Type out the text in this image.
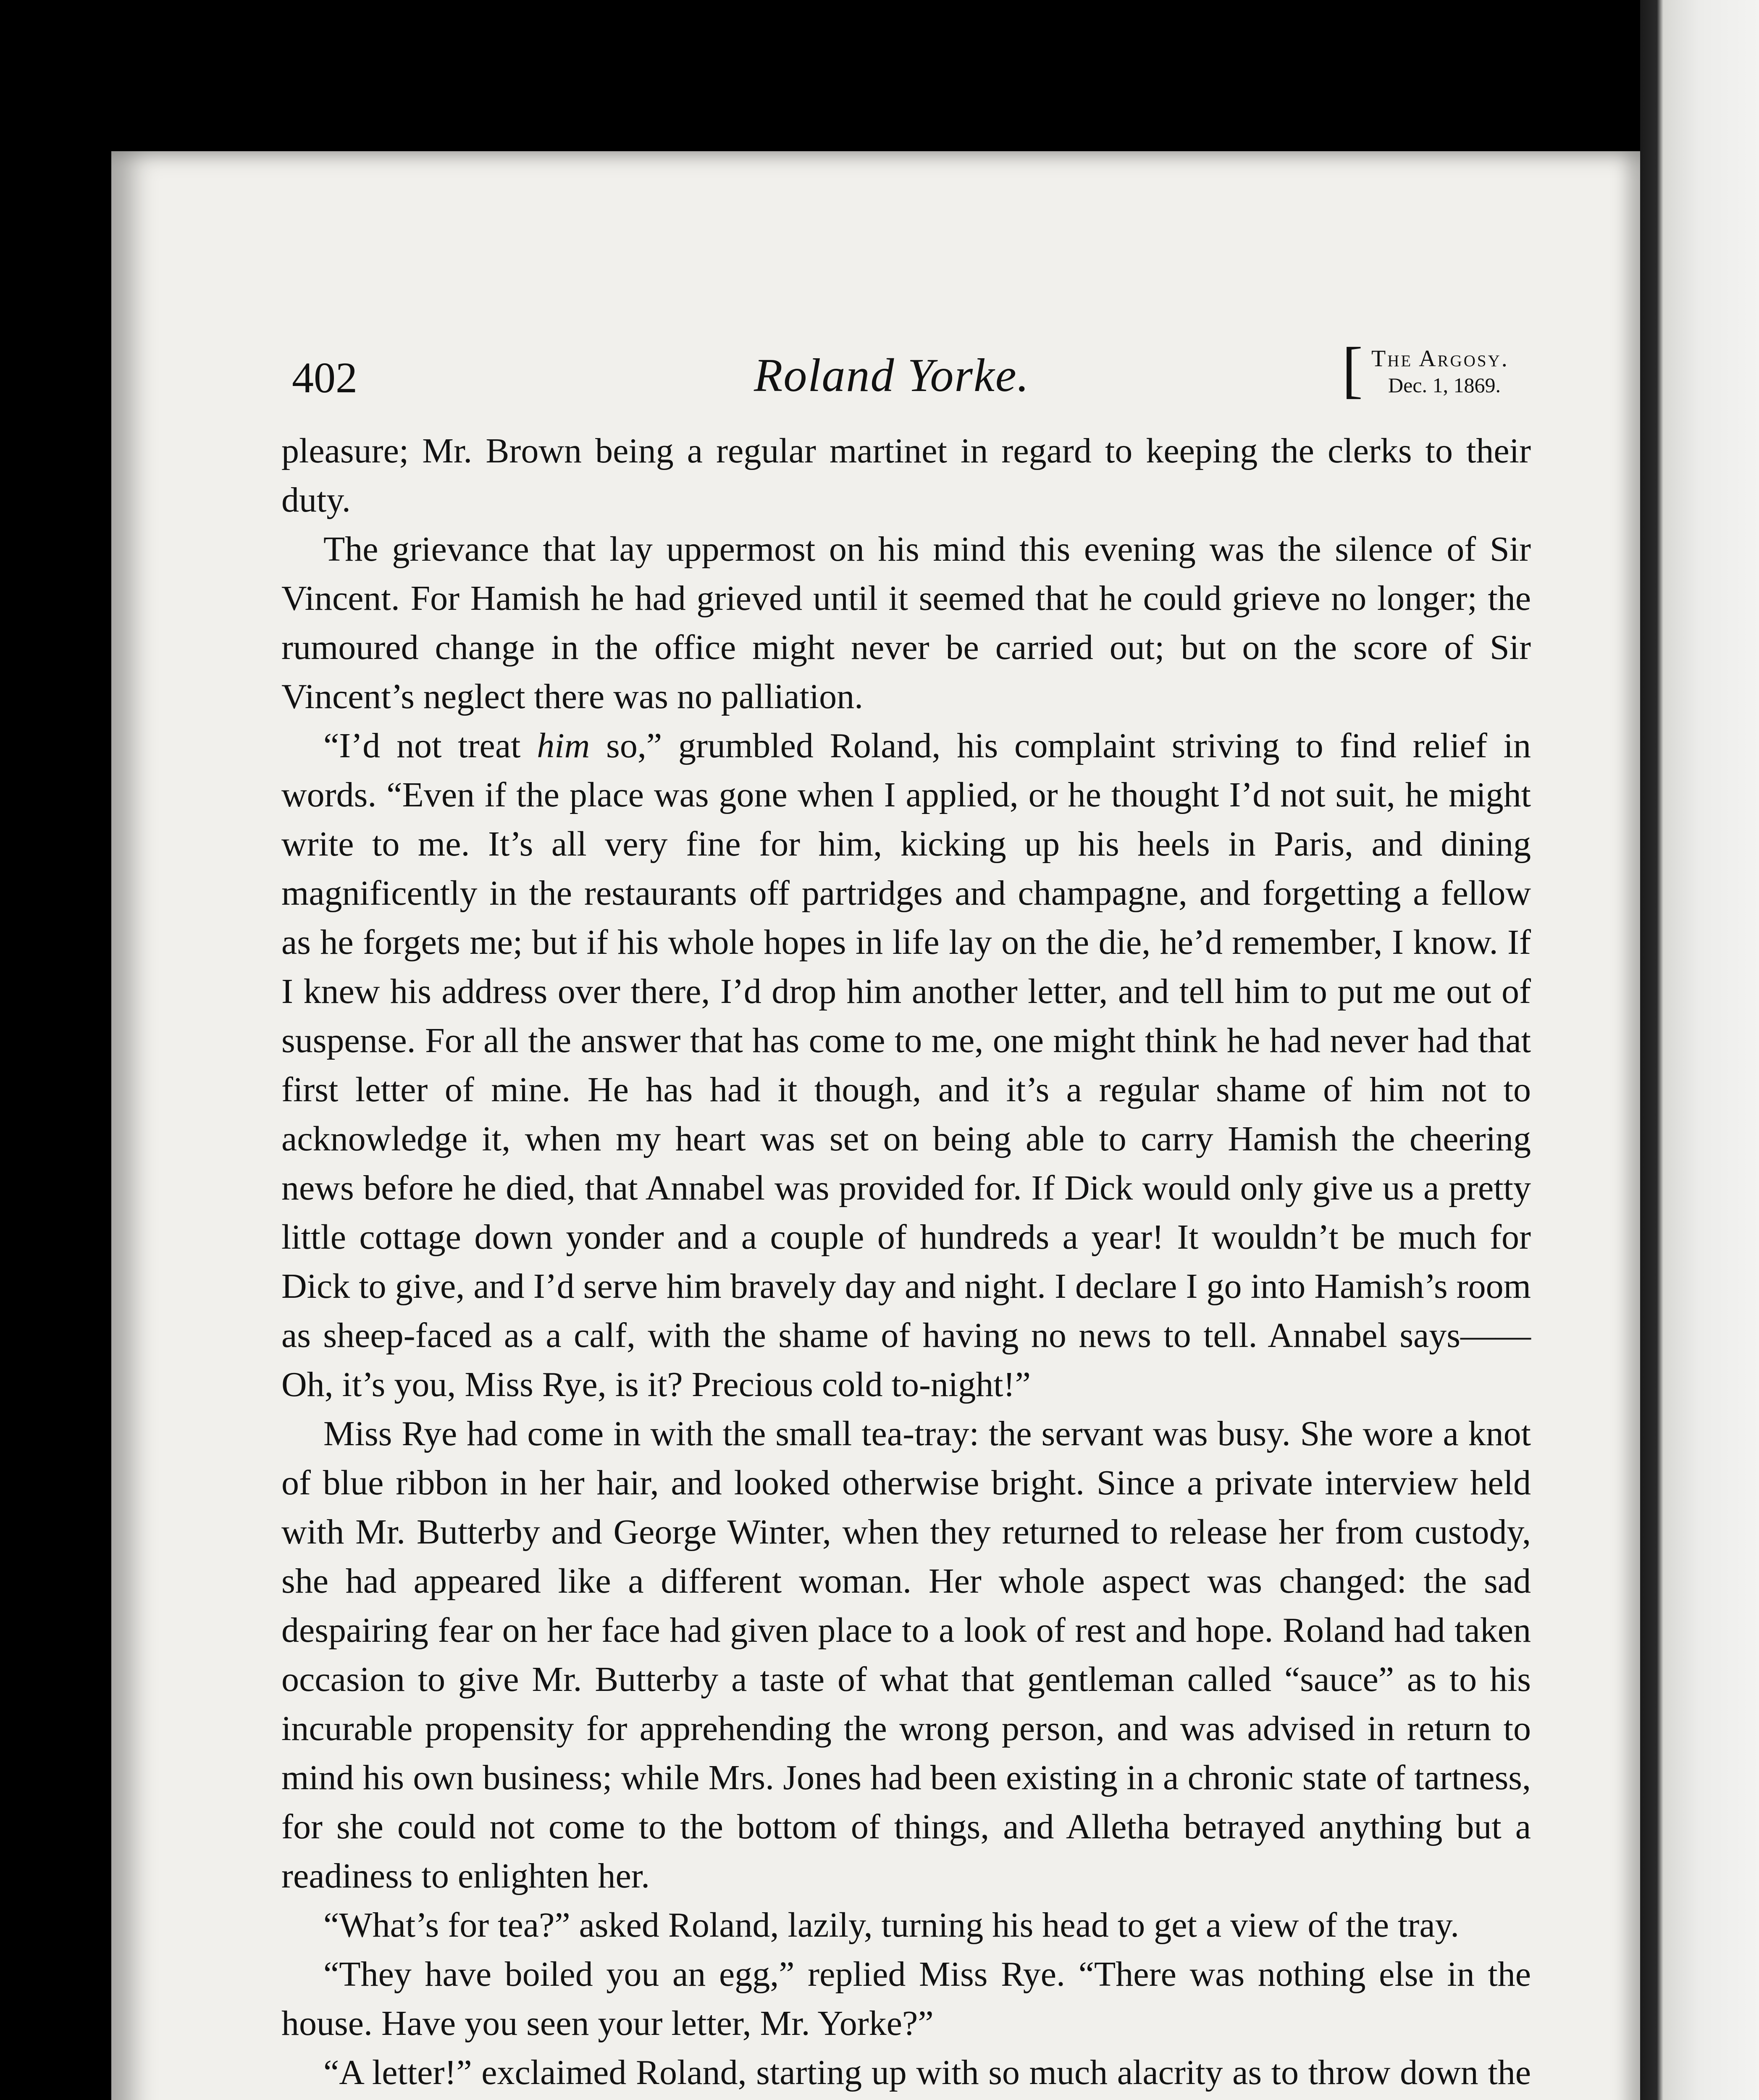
402	Roland Yorke.	[ The Argosy.
Dec. 1, 1869.

pleasure; Mr. Brown being a regular martinet in regard to keeping the clerks to their duty.

The grievance that lay uppermost on his mind this evening was the silence of Sir Vincent. For Hamish he had grieved until it seemed that he could grieve no longer; the rumoured change in the office might never be carried out; but on the score of Sir Vincent’s neglect there was no palliation.

“I’d not treat him so,” grumbled Roland, his complaint striving to find relief in words. “Even if the place was gone when I applied, or he thought I’d not suit, he might write to me. It’s all very fine for him, kicking up his heels in Paris, and dining magnificently in the restaurants off partridges and champagne, and forgetting a fellow as he forgets me; but if his whole hopes in life lay on the die, he’d remember, I know. If I knew his address over there, I’d drop him another letter, and tell him to put me out of suspense. For all the answer that has come to me, one might think he had never had that first letter of mine. He has had it though, and it’s a regular shame of him not to acknowledge it, when my heart was set on being able to carry Hamish the cheering news before he died, that Annabel was provided for. If Dick would only give us a pretty little cottage down yonder and a couple of hundreds a year! It wouldn’t be much for Dick to give, and I’d serve him bravely day and night. I declare I go into Hamish’s room as sheep-faced as a calf, with the shame of having no news to tell. Annabel says—— Oh, it’s you, Miss Rye, is it? Precious cold to-night!”

Miss Rye had come in with the small tea-tray: the servant was busy. She wore a knot of blue ribbon in her hair, and looked otherwise bright. Since a private interview held with Mr. Butterby and George Winter, when they returned to release her from custody, she had appeared like a different woman. Her whole aspect was changed: the sad despairing fear on her face had given place to a look of rest and hope. Roland had taken occasion to give Mr. Butterby a taste of what that gentleman called “sauce” as to his incurable propensity for apprehending the wrong person, and was advised in return to mind his own business; while Mrs. Jones had been existing in a chronic state of tartness, for she could not come to the bottom of things, and Alletha betrayed anything but a readiness to enlighten her.

“What’s for tea?” asked Roland, lazily, turning his head to get a view of the tray.

“They have boiled you an egg,” replied Miss Rye. “There was nothing else in the house. Have you seen your letter, Mr. Yorke?”

“A letter!” exclaimed Roland, starting up with so much alacrity as to throw down the
